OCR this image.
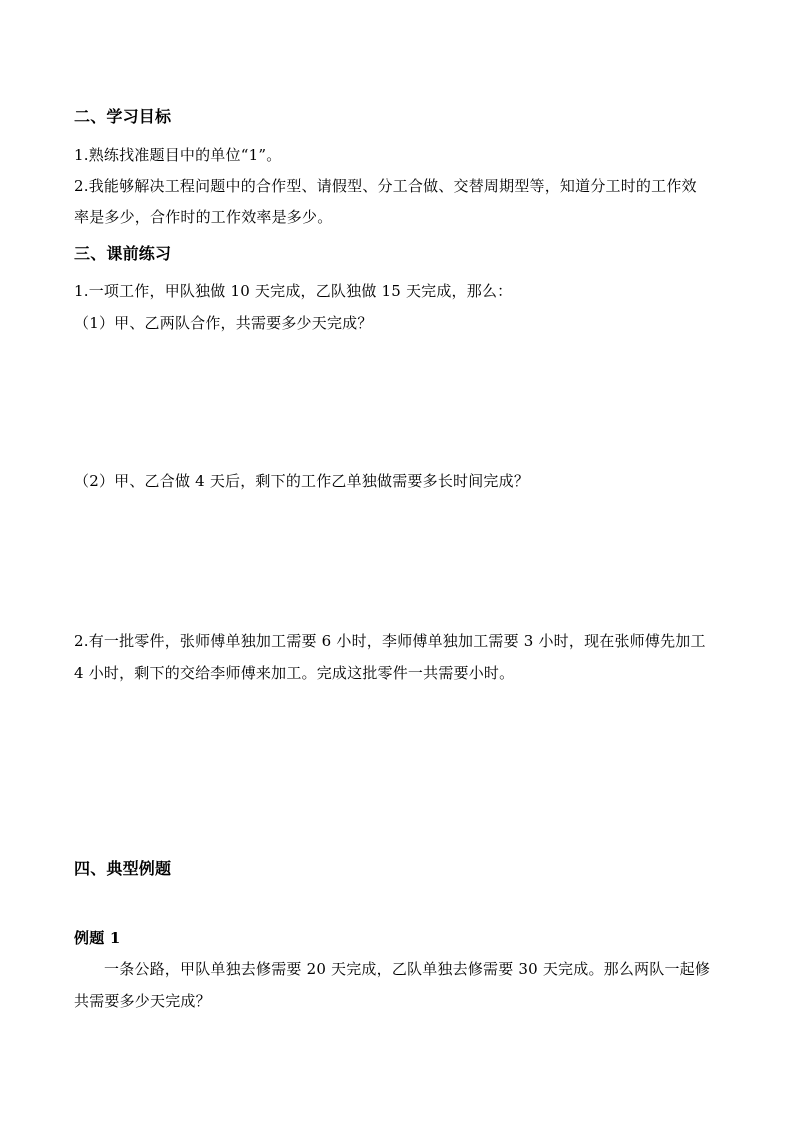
二、学习目标
1.熟练找准题目中的单位“1”。
2.我能够解决工程问题中的合作型、请假型、分工合做、交替周期型等，知道分工时的工作效
率是多少，合作时的工作效率是多少。
三、课前练习
1.一项工作，甲队独做 10 天完成，乙队独做 15 天完成，那么：
（1）甲、乙两队合作，共需要多少天完成？
（2）甲、乙合做 4 天后，剩下的工作乙单独做需要多长时间完成？
2.有一批零件，张师傅单独加工需要 6 小时，李师傅单独加工需要 3 小时，现在张师傅先加工
4 小时，剩下的交给李师傅来加工。完成这批零件一共需要小时。
四、典型例题
例题 1
一条公路，甲队单独去修需要 20 天完成，乙队单独去修需要 30 天完成。那么两队一起修
共需要多少天完成？
